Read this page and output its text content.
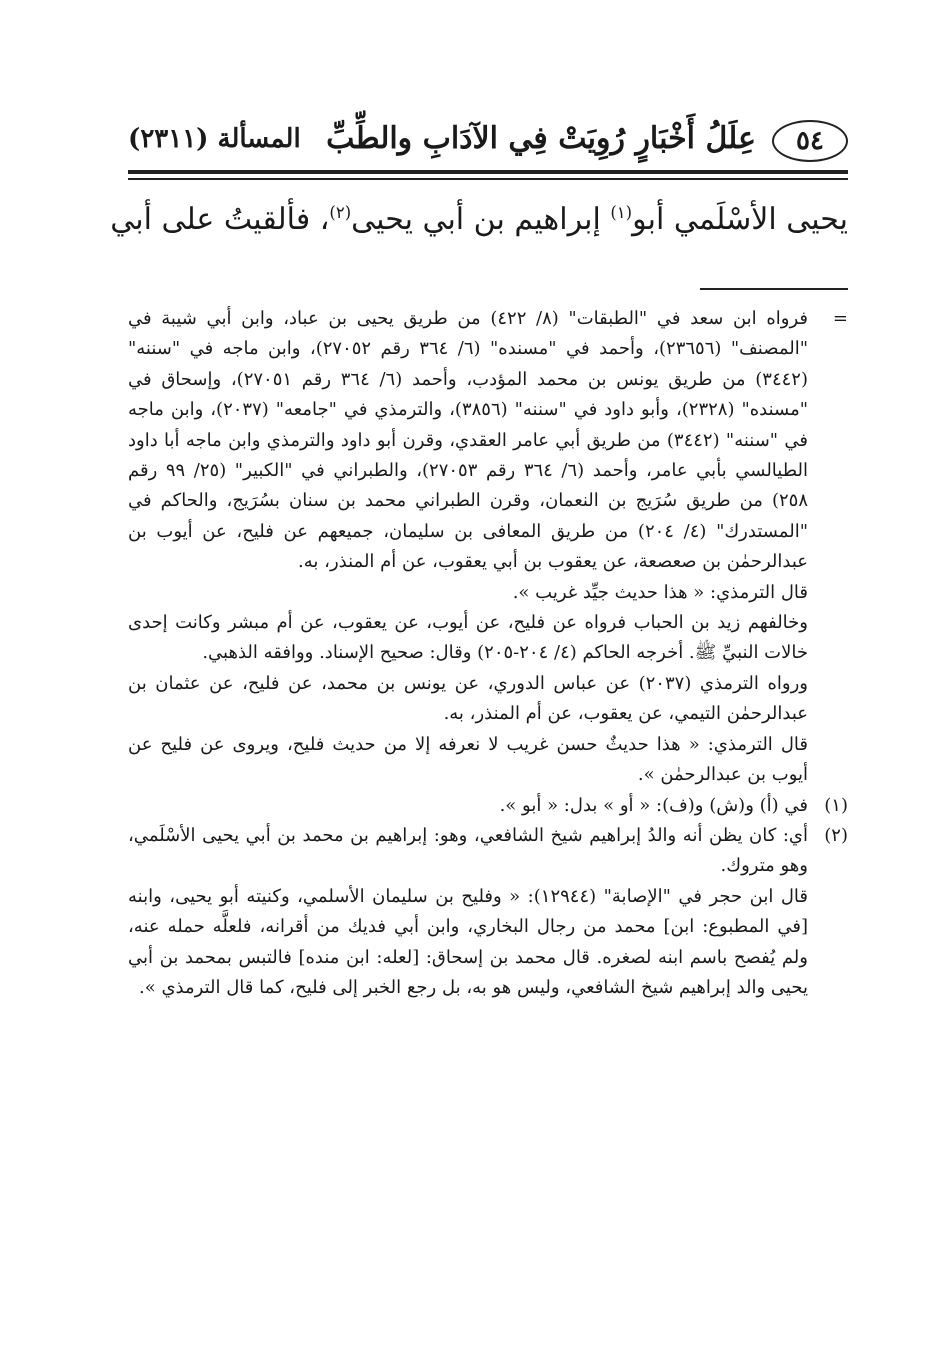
٥٤
عِلَلُ أَخْبَارٍ رُوِيَتْ فِي الآدَابِ والطِّبِّ
المسألة (٢٣١١)
يحيى الأسْلَمي أبو$^{(١)}$ إبراهيم بن أبي يحيى$^{(٢)}$، فألقيتُ على أبي
=

فرواه ابن سعد في "الطبقات" (٨/ ٤٢٢) من طريق يحيى بن عباد، وابن أبي شيبة في "المصنف" (٢٣٦٥٦)، وأحمد في "مسنده" (٦/ ٣٦٤ رقم ٢٧٠٥٢)، وابن ماجه في "سننه" (٣٤٤٢) من طريق يونس بن محمد المؤدب، وأحمد (٦/ ٣٦٤ رقم ٢٧٠٥١)، وإسحاق في "مسنده" (٢٣٢٨)، وأبو داود في "سننه" (٣٨٥٦)، والترمذي في "جامعه" (٢٠٣٧)، وابن ماجه في "سننه" (٣٤٤٢) من طريق أبي عامر العقدي، وقرن أبو داود والترمذي وابن ماجه أبا داود الطيالسي بأبي عامر، وأحمد (٦/ ٣٦٤ رقم ٢٧٠٥٣)، والطبراني في "الكبير" (٢٥/ ٩٩ رقم ٢٥٨) من طريق سُرَيج بن النعمان، وقرن الطبراني محمد بن سنان بسُرَيج، والحاكم في "المستدرك" (٤/ ٢٠٤) من طريق المعافى بن سليمان، جميعهم عن فليح، عن أيوب بن عبدالرحمٰن بن صعصعة، عن يعقوب بن أبي يعقوب، عن أم المنذر، به.

قال الترمذي: « هذا حديث جيِّد غريب ».

وخالفهم زيد بن الحباب فرواه عن فليح، عن أيوب، عن يعقوب، عن أم مبشر وكانت إحدى خالات النبيِّ ﷺ. أخرجه الحاكم (٤/ ٢٠٤-٢٠٥) وقال: صحيح الإسناد. ووافقه الذهبي.

ورواه الترمذي (٢٠٣٧) عن عباس الدوري، عن يونس بن محمد، عن فليح، عن عثمان بن عبدالرحمٰن التيمي، عن يعقوب، عن أم المنذر، به.

قال الترمذي: « هذا حديثٌ حسن غريب لا نعرفه إلا من حديث فليح، ويروى عن فليح عن أيوب بن عبدالرحمٰن ».

(١)

في (أ) و(ش) و(ف): « أو » بدل: « أبو ».

(٢)

أي: كان يظن أنه والدُ إبراهيم شيخ الشافعي، وهو: إبراهيم بن محمد بن أبي يحيى الأسْلَمي، وهو متروك.

قال ابن حجر في "الإصابة" (١٢٩٤٤): « وفليح بن سليمان الأسلمي، وكنيته أبو يحيى، وابنه [في المطبوع: ابن] محمد من رجال البخاري، وابن أبي فديك من أقرانه، فلعلَّه حمله عنه، ولم يُفصح باسم ابنه لصغره. قال محمد بن إسحاق: [لعله: ابن منده] فالتبس بمحمد بن أبي يحيى والد إبراهيم شيخ الشافعي، وليس هو به، بل رجع الخبر إلى فليح، كما قال الترمذي ».
